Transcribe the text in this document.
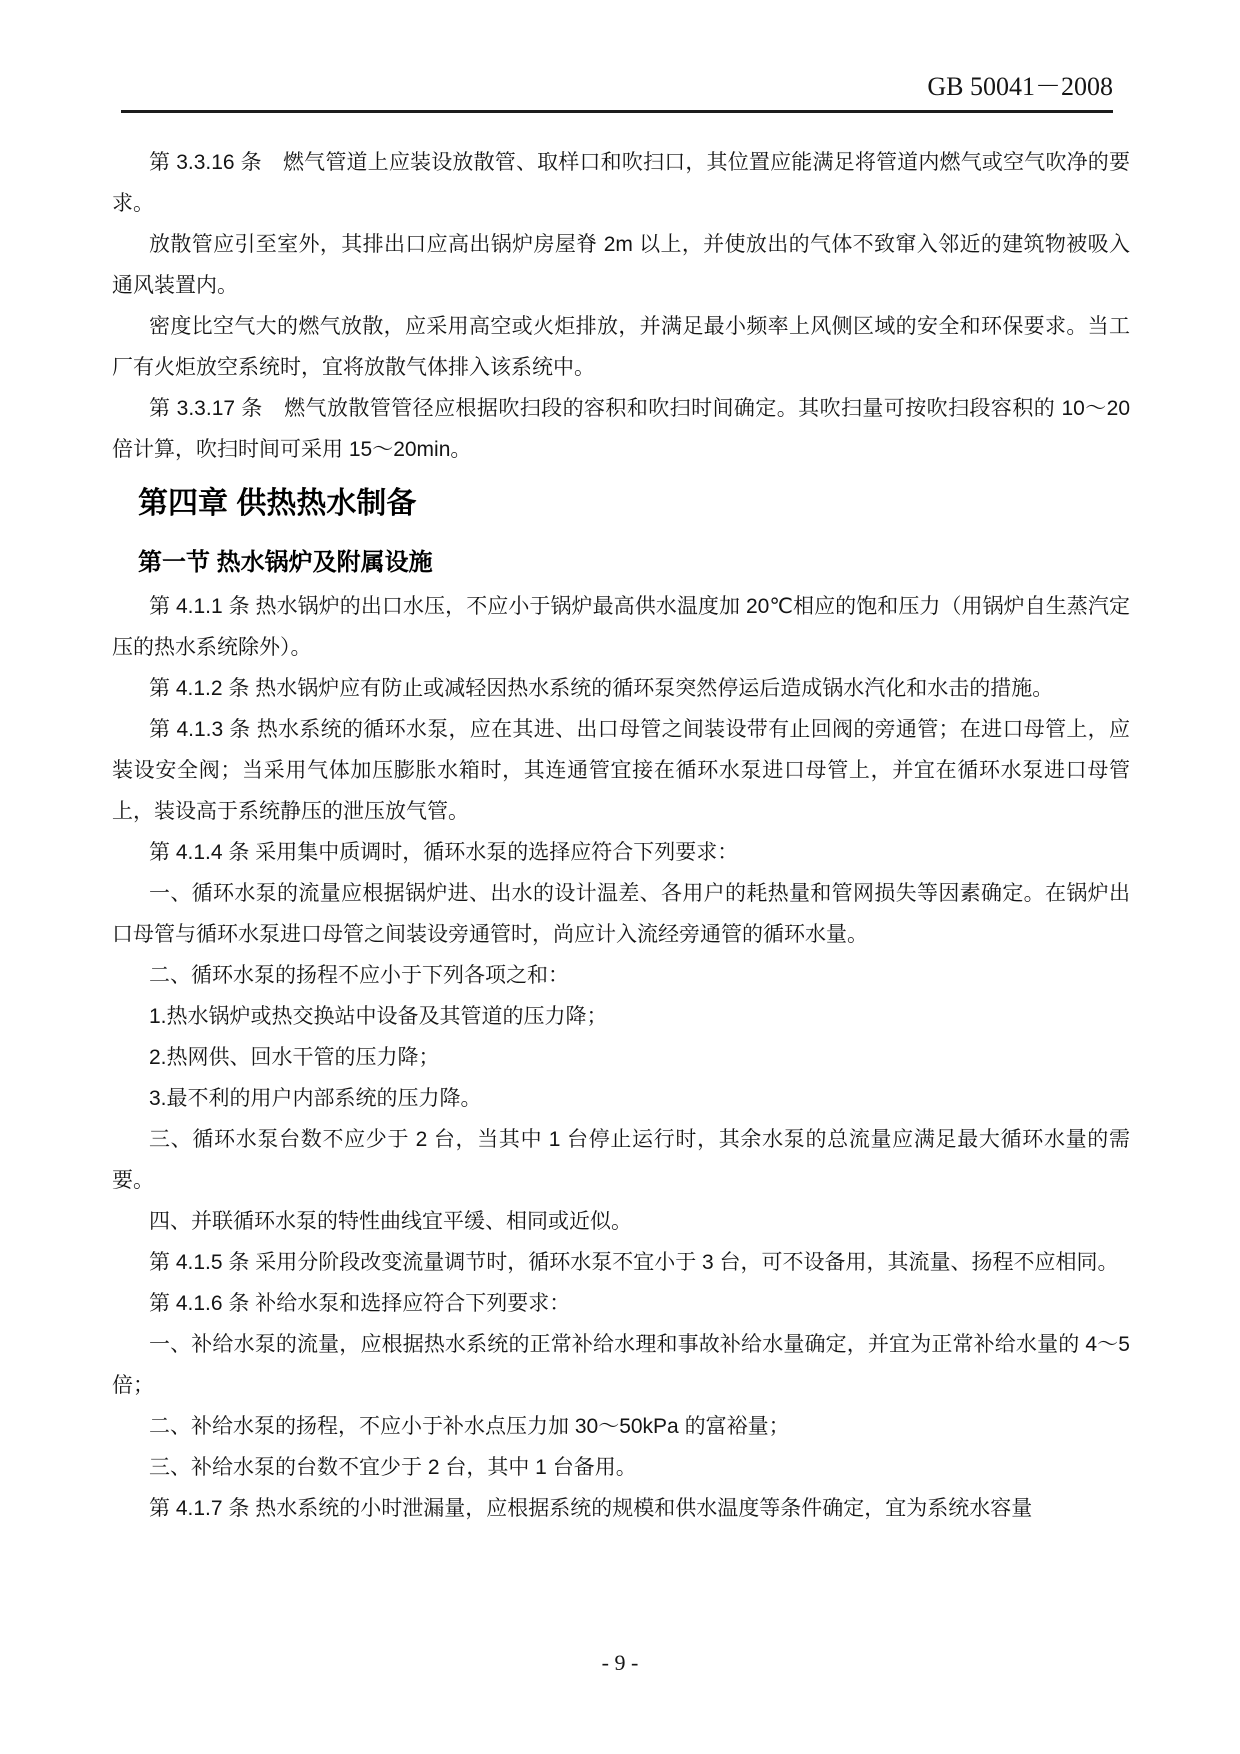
GB 50041－2008

第 3.3.16 条　燃气管道上应装设放散管、取样口和吹扫口，其位置应能满足将管道内燃气或空气吹净的要求。

放散管应引至室外，其排出口应高出锅炉房屋脊 2m 以上，并使放出的气体不致窜入邻近的建筑物被吸入通风装置内。

密度比空气大的燃气放散，应采用高空或火炬排放，并满足最小频率上风侧区域的安全和环保要求。当工厂有火炬放空系统时，宜将放散气体排入该系统中。

第 3.3.17 条　燃气放散管管径应根据吹扫段的容积和吹扫时间确定。其吹扫量可按吹扫段容积的 10～20 倍计算，吹扫时间可采用 15～20min。

第四章 供热热水制备
第一节 热水锅炉及附属设施

第 4.1.1 条 热水锅炉的出口水压，不应小于锅炉最高供水温度加 20℃相应的饱和压力（用锅炉自生蒸汽定压的热水系统除外）。

第 4.1.2 条 热水锅炉应有防止或减轻因热水系统的循环泵突然停运后造成锅水汽化和水击的措施。

第 4.1.3 条 热水系统的循环水泵，应在其进、出口母管之间装设带有止回阀的旁通管；在进口母管上，应装设安全阀；当采用气体加压膨胀水箱时，其连通管宜接在循环水泵进口母管上，并宜在循环水泵进口母管上，装设高于系统静压的泄压放气管。

第 4.1.4 条 采用集中质调时，循环水泵的选择应符合下列要求：

一、循环水泵的流量应根据锅炉进、出水的设计温差、各用户的耗热量和管网损失等因素确定。在锅炉出口母管与循环水泵进口母管之间装设旁通管时，尚应计入流经旁通管的循环水量。

二、循环水泵的扬程不应小于下列各项之和：

1.热水锅炉或热交换站中设备及其管道的压力降；

2.热网供、回水干管的压力降；

3.最不利的用户内部系统的压力降。

三、循环水泵台数不应少于 2 台，当其中 1 台停止运行时，其余水泵的总流量应满足最大循环水量的需要。

四、并联循环水泵的特性曲线宜平缓、相同或近似。

第 4.1.5 条 采用分阶段改变流量调节时，循环水泵不宜小于 3 台，可不设备用，其流量、扬程不应相同。

第 4.1.6 条 补给水泵和选择应符合下列要求：

一、补给水泵的流量，应根据热水系统的正常补给水理和事故补给水量确定，并宜为正常补给水量的 4～5 倍；

二、补给水泵的扬程，不应小于补水点压力加 30～50kPa 的富裕量；

三、补给水泵的台数不宜少于 2 台，其中 1 台备用。

第 4.1.7 条 热水系统的小时泄漏量，应根据系统的规模和供水温度等条件确定，宜为系统水容量

- 9 -
